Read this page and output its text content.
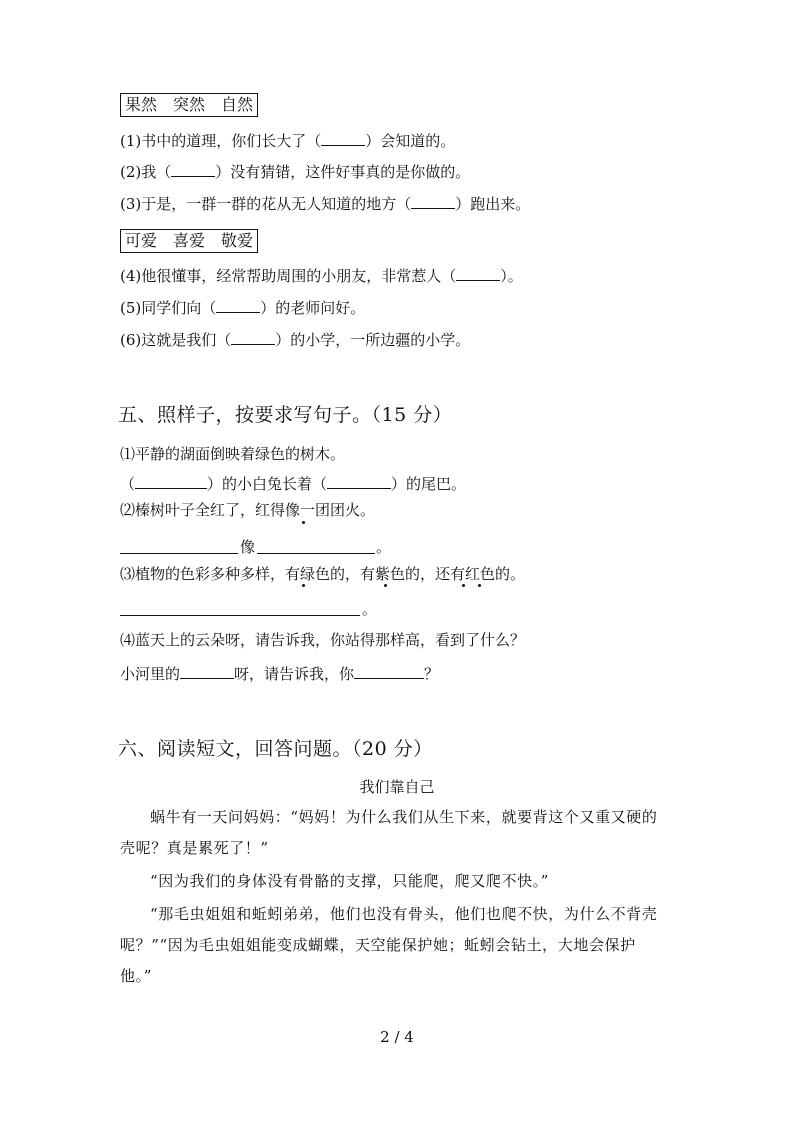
果然　突然　自然
(1)书中的道理，你们长大了（	）会知道的。
(2)我（	）没有猜错，这件好事真的是你做的。
(3)于是，一群一群的花从无人知道的地方（	）跑出来。
可爱　喜爱　敬爱
(4)他很懂事，经常帮助周围的小朋友，非常惹人（	）。
(5)同学们向（	）的老师问好。
(6)这就是我们（	）的小学，一所边疆的小学。
五、照样子，按要求写句子。（15 分）
⑴平静的湖面倒映着绿色的树木。
（	）的小白兔长着（	）的尾巴。
⑵榛树叶子全红了，红得像一团团火。
像	。
⑶植物的色彩多种多样，有绿色的，有紫色的，还有红色的。
。
⑷蓝天上的云朵呀，请告诉我，你站得那样高，看到了什么？
小河里的	呀，请告诉我，你	？
六、阅读短文，回答问题。（20 分）
我们靠自己
蜗牛有一天问妈妈：“妈妈！为什么我们从生下来，就要背这个又重又硬的
壳呢？真是累死了！”
“因为我们的身体没有骨骼的支撑，只能爬，爬又爬不快。”
“那毛虫姐姐和蚯蚓弟弟，他们也没有骨头，他们也爬不快，为什么不背壳
呢？”“因为毛虫姐姐能变成蝴蝶，天空能保护她；蚯蚓会钻土，大地会保护
他。”
2 / 4
